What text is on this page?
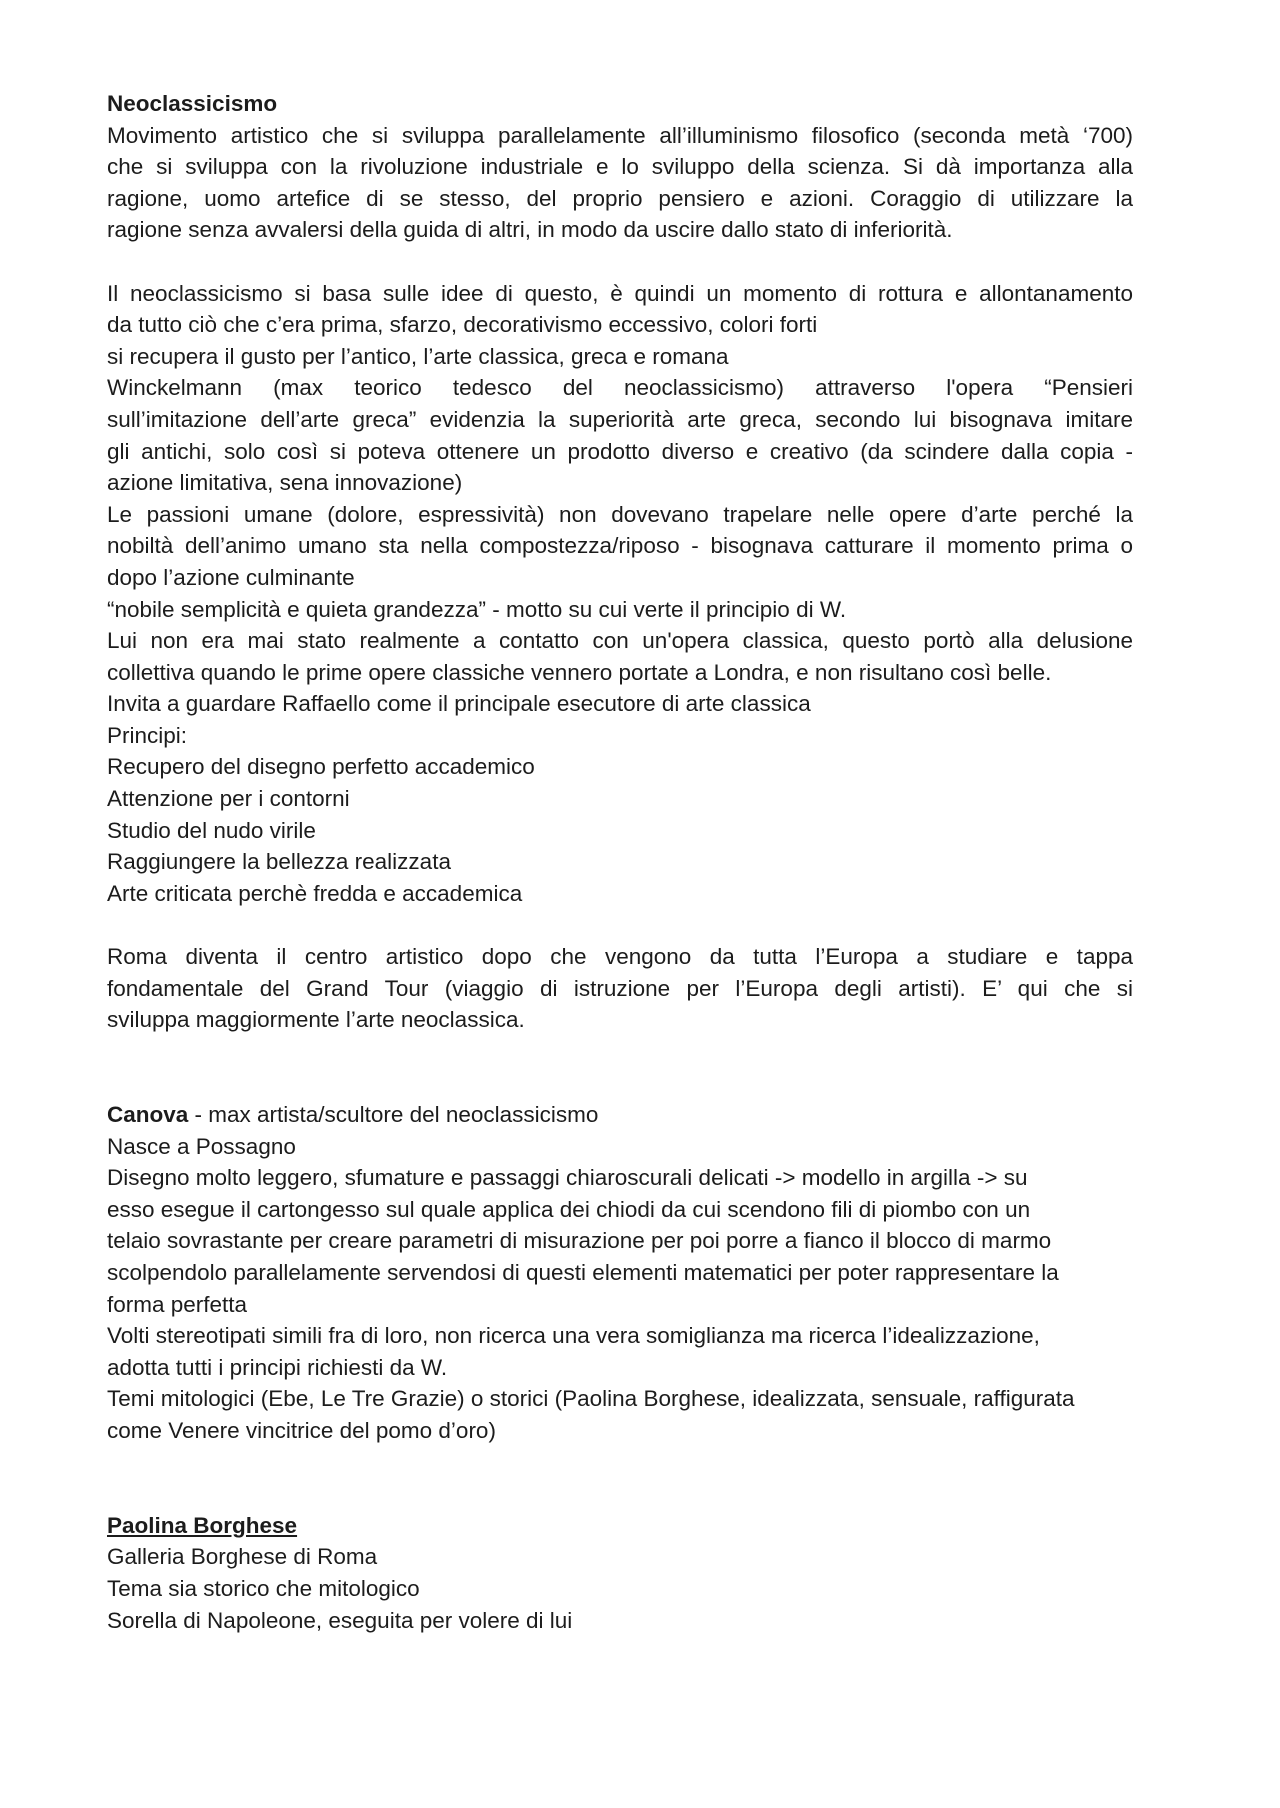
Neoclassicismo
Movimento artistico che si sviluppa parallelamente all’illuminismo filosofico (seconda metà ‘700)
che si sviluppa con la rivoluzione industriale e lo sviluppo della scienza. Si dà importanza alla
ragione, uomo artefice di se stesso, del proprio pensiero e azioni. Coraggio di utilizzare la
ragione senza avvalersi della guida di altri, in modo da uscire dallo stato di inferiorità.
Il neoclassicismo si basa sulle idee di questo, è quindi un momento di rottura e allontanamento
da tutto ciò che c’era prima, sfarzo, decorativismo eccessivo, colori forti
si recupera il gusto per l’antico, l’arte classica, greca e romana
Winckelmann (max teorico tedesco del neoclassicismo) attraverso l'opera “Pensieri
sull’imitazione dell’arte greca” evidenzia la superiorità arte greca, secondo lui bisognava imitare
gli antichi, solo così si poteva ottenere un prodotto diverso e creativo (da scindere dalla copia -
azione limitativa, sena innovazione)
Le passioni umane (dolore, espressività) non dovevano trapelare nelle opere d’arte perché la
nobiltà dell’animo umano sta nella compostezza/riposo - bisognava catturare il momento prima o
dopo l’azione culminante
“nobile semplicità e quieta grandezza” - motto su cui verte il principio di W.
Lui non era mai stato realmente a contatto con un'opera classica, questo portò alla delusione
collettiva quando le prime opere classiche vennero portate a Londra, e non risultano così belle.
Invita a guardare Raffaello come il principale esecutore di arte classica
Principi:
Recupero del disegno perfetto accademico
Attenzione per i contorni
Studio del nudo virile
Raggiungere la bellezza realizzata
Arte criticata perchè fredda e accademica
Roma diventa il centro artistico dopo che vengono da tutta l’Europa a studiare e tappa
fondamentale del Grand Tour (viaggio di istruzione per l’Europa degli artisti). E’ qui che si
sviluppa maggiormente l’arte neoclassica.
Canova - max artista/scultore del neoclassicismo
Nasce a Possagno
Disegno molto leggero, sfumature e passaggi chiaroscurali delicati -> modello in argilla -> su
esso esegue il cartongesso sul quale applica dei chiodi da cui scendono fili di piombo con un
telaio sovrastante per creare parametri di misurazione per poi porre a fianco il blocco di marmo
scolpendolo parallelamente servendosi di questi elementi matematici per poter rappresentare la
forma perfetta
Volti stereotipati simili fra di loro, non ricerca una vera somiglianza ma ricerca l’idealizzazione,
adotta tutti i principi richiesti da W.
Temi mitologici (Ebe, Le Tre Grazie) o storici (Paolina Borghese, idealizzata, sensuale, raffigurata
come Venere vincitrice del pomo d’oro)
Paolina Borghese
Galleria Borghese di Roma
Tema sia storico che mitologico
Sorella di Napoleone, eseguita per volere di lui
